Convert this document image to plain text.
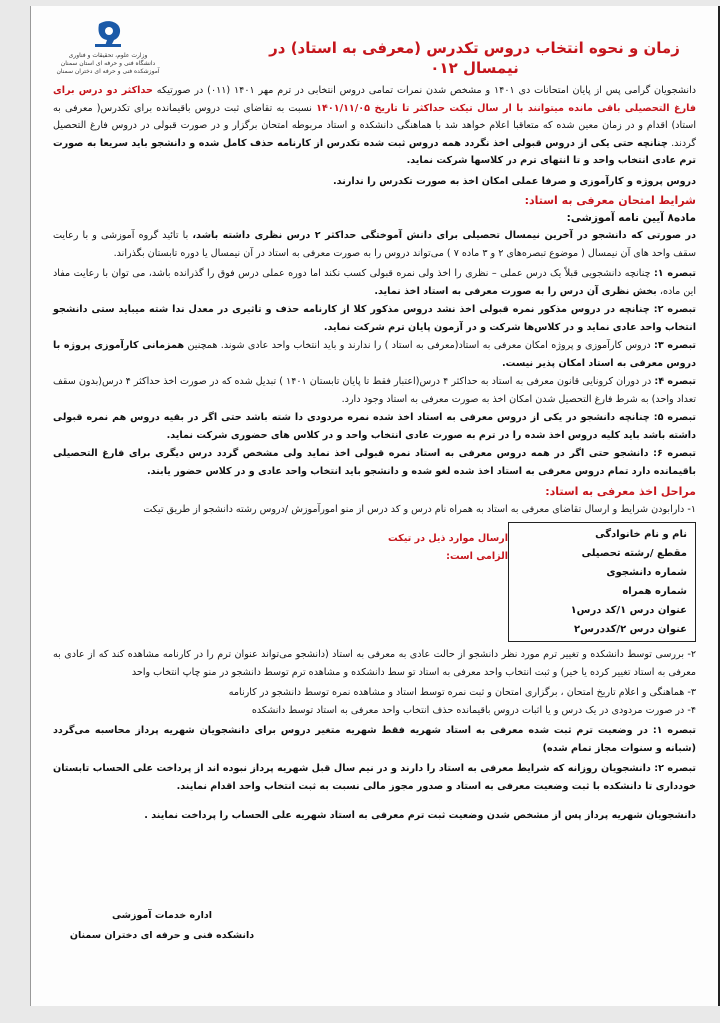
زمان و نحوه انتخاب دروس تکدرس (معرفی به استاد) در نیمسال ۰۱۲
وزارت علوم، تحقیقات و فناوری
دانشگاه فنی و حرفه ای استان سمنان
آموزشکده فنی و حرفه ای دختران سمنان

دانشجویان گرامی پس از پایان امتحانات دی ۱۴۰۱ و مشخص شدن نمرات تمامی دروس انتخابی در ترم مهر ۱۴۰۱ (۰۱۱) در صورتیکه حداکثر دو درس برای فارغ التحصیلی باقی مانده میتوانند با ار سال تیکت حداکثر تا تاریخ ۱۴۰۱/۱۱/۰۵ نسبت به تقاضای ثبت دروس باقیمانده برای تکدرس( معرفی به استاد) اقدام و در زمان معین شده که متعاقبا اعلام خواهد شد با هماهنگی دانشکده و استاد مربوطه امتحان برگزار و در صورت قبولی در دروس فارغ التحصیل گردند. چنانچه حتی یکی از دروس قبولی اخذ نگردد همه دروس ثبت شده تکدرس از کارنامه حذف کامل شده و دانشجو باید سریعا به صورت ترم عادی انتخاب واحد و تا انتهای ترم در کلاسها شرکت نماید.

دروس پروژه و کارآموزی و صرفا عملی امکان اخذ به صورت تکدرس را ندارند.

شرایط امتحان معرفی به استاد:
ماده۸ آیین نامه آموزشی:

در صورتی که دانشجو در آخرین نیمسال تحصیلی برای دانش آموختگی حداکثر ۲ درس نظری داشته باشد، با تائید گروه آموزشی و با رعایت سقف واحد های آن نیمسال ( موضوع تبصره‌های ۲ و ۳ ماده ۷ ) می‌تواند دروس را به صورت معرفی به استاد در آن نیمسال یا دوره تابستان بگذراند.

تبصره ۱: چنانچه دانشجویی قبلاً یک درس عملی – نظری را اخذ ولی نمره قبولی کسب نکند اما دوره عملی درس فوق را گذرانده باشد، می توان با رعایت مفاد این ماده، بخش نظری آن درس را به صورت معرفی به استاد اخذ نماید.

تبصره ۲: چنانچه در دروس مذکور نمره قبولی اخذ نشد دروس مذکور کلا از کارنامه حذف و تاثیری در معدل ندا شته میباید ستی دانشجو انتخاب واحد عادی نماید و در کلاس‌ها شرکت و در آزمون پایان ترم شرکت نماید.

تبصره ۳: دروس کارآموزی و پروژه امکان معرفی به استاد(معرفی به استاد ) را ندارند و باید انتخاب واحد عادی شوند. همچنین همزمانی کارآموزی پروژه با دروس معرفی به استاد امکان پذیر نیست.

تبصره ۴: در دوران کرونایی قانون معرفی به استاد به حداکثر ۴ درس(اعتبار فقط تا پایان تابستان ۱۴۰۱ ) تبدیل شده که در صورت اخذ حداکثر ۴ درس(بدون سقف تعداد واحد) به شرط فارغ التحصیل شدن امکان اخذ به صورت معرفی به استاد وجود دارد.

تبصره ۵: چنانچه دانشجو در یکی از دروس معرفی به استاد اخذ شده نمره مردودی دا شته باشد حتی اگر در بقیه دروس هم نمره قبولی داشته باشد باید کلیه دروس اخذ شده را در ترم به صورت عادی انتخاب واحد و در کلاس های حضوری شرکت نماید.

تبصره ۶: دانشجو حتی اگر در همه دروس معرفی به استاد نمره قبولی اخذ نماید ولی مشخص گردد درس دیگری برای فارغ التحصیلی باقیمانده دارد تمام دروس معرفی به استاد اخذ شده لغو شده و دانشجو باید انتخاب واحد عادی و در کلاس حضور یابند.

مراحل اخذ معرفی به استاد:

۱- دارابودن شرایط و ارسال تقاضای معرفی به استاد به همراه نام درس و کد درس از منو امورآموزش /دروس رشته دانشجو از طریق تیکت

نام و نام خانوادگی
مقطع /رشته تحصیلی
شماره دانشجوی
شماره همراه
عنوان درس ۱/کد درس۱
عنوان درس ۲/کددرس۲
ارسال موارد ذیل در تیکت الزامی است:

۲- بررسی توسط دانشکده و تغییر ترم مورد نظر دانشجو از حالت عادی به معرفی به استاد (دانشجو می‌تواند عنوان ترم را در کارنامه مشاهده کند که از عادی به معرفی به استاد تغییر کرده یا خیر) و ثبت انتخاب واحد معرفی به استاد تو سط دانشکده و مشاهده ترم توسط دانشجو در منو چاپ انتخاب واحد

۳- هماهنگی و اعلام تاریخ امتحان ، برگزاری امتحان و ثبت نمره توسط استاد و مشاهده نمره توسط دانشجو در کارنامه

۴- در صورت مردودی در یک درس و یا اثبات دروس باقیمانده حذف انتخاب واحد معرفی به استاد توسط دانشکده

تبصره ۱: در وضعیت ترم ثبت شده معرفی به استاد شهریه فقط شهریه متغیر دروس برای دانشجویان شهریه پرداز محاسبه می‌گردد (شبانه و سنوات مجاز تمام شده)

تبصره ۲: دانشجویان روزانه که شرایط معرفی به استاد را دارند و در نیم سال قبل شهریه پرداز نبوده اند از پرداخت علی الحساب تابستان خودداری تا دانشکده با ثبت وضعیت معرفی به استاد و صدور مجوز مالی نسبت به ثبت انتخاب واحد اقدام نمایند.

دانشجویان شهریه پرداز پس از مشخص شدن وضعیت ثبت ترم معرفی به استاد شهریه علی الحساب را پرداخت نمایند .

اداره خدمات آموزشی
دانشکده فنی و حرفه ای دختران سمنان
